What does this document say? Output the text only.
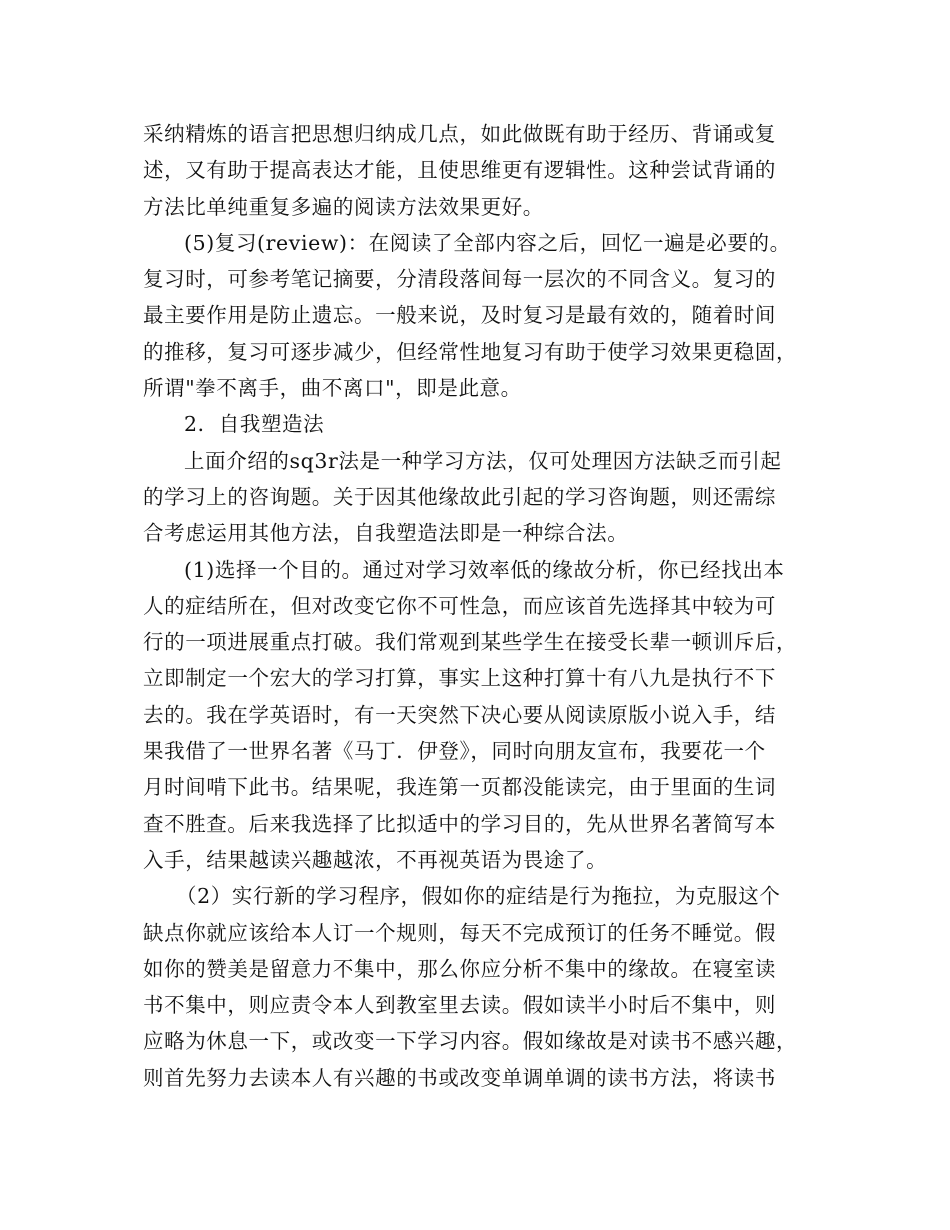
采纳精炼的语言把思想归纳成几点，如此做既有助于经历、背诵或复
述，又有助于提高表达才能，且使思维更有逻辑性。这种尝试背诵的
方法比单纯重复多遍的阅读方法效果更好。
(5)复习(review)：在阅读了全部内容之后，回忆一遍是必要的。
复习时，可参考笔记摘要，分清段落间每一层次的不同含义。复习的
最主要作用是防止遗忘。一般来说，及时复习是最有效的，随着时间
的推移，复习可逐步减少，但经常性地复习有助于使学习效果更稳固，
所谓"拳不离手，曲不离口"，即是此意。
2．自我塑造法
上面介绍的sq3r法是一种学习方法，仅可处理因方法缺乏而引起
的学习上的咨询题。关于因其他缘故此引起的学习咨询题，则还需综
合考虑运用其他方法，自我塑造法即是一种综合法。
(1)选择一个目的。通过对学习效率低的缘故分析，你已经找出本
人的症结所在，但对改变它你不可性急，而应该首先选择其中较为可
行的一项进展重点打破。我们常观到某些学生在接受长辈一顿训斥后，
立即制定一个宏大的学习打算，事实上这种打算十有八九是执行不下
去的。我在学英语时，有一天突然下决心要从阅读原版小说入手，结
果我借了一世界名著《马丁．伊登》，同时向朋友宣布，我要花一个
月时间啃下此书。结果呢，我连第一页都没能读完，由于里面的生词
查不胜查。后来我选择了比拟适中的学习目的，先从世界名著简写本
入手，结果越读兴趣越浓，不再视英语为畏途了。
（2）实行新的学习程序，假如你的症结是行为拖拉，为克服这个
缺点你就应该给本人订一个规则，每天不完成预订的任务不睡觉。假
如你的赞美是留意力不集中，那么你应分析不集中的缘故。在寝室读
书不集中，则应责令本人到教室里去读。假如读半小时后不集中，则
应略为休息一下，或改变一下学习内容。假如缘故是对读书不感兴趣，
则首先努力去读本人有兴趣的书或改变单调单调的读书方法，将读书
